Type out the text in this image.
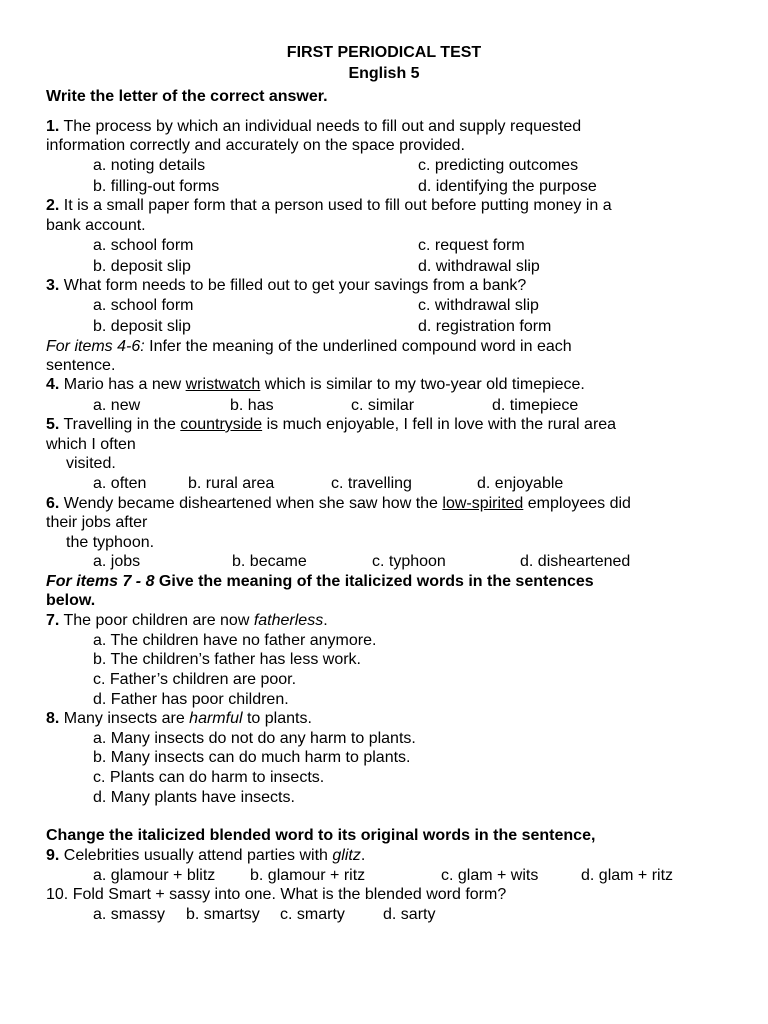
FIRST PERIODICAL TEST
English 5
Write the letter of the correct answer.
1. The process by which an individual needs to fill out and supply requested
information correctly and accurately on the space provided.
a. noting details	c. predicting outcomes
b. filling-out forms	d. identifying the purpose
2. It is a small paper form that a person used to fill out before putting money in a
bank account.
a. school form	c. request form
b. deposit slip	d. withdrawal slip
3. What form needs to be filled out to get your savings from a bank?
a. school form	c. withdrawal slip
b. deposit slip	d. registration form
For items 4-6: Infer the meaning of the underlined compound word in each
sentence.
4. Mario has a new wristwatch which is similar to my two-year old timepiece.
a. new	b. has	c. similar	d. timepiece
5. Travelling in the countryside is much enjoyable, I fell in love with the rural area
which I often
visited.
a. often	b. rural area	c. travelling	d. enjoyable
6. Wendy became disheartened when she saw how the low-spirited employees did
their jobs after
the typhoon.
a. jobs	b. became	c. typhoon	d. disheartened
For items 7 - 8 Give the meaning of the italicized words in the sentences
below.
7. The poor children are now fatherless.
a. The children have no father anymore.
b. The children’s father has less work.
c. Father’s children are poor.
d. Father has poor children.
8. Many insects are harmful to plants.
a. Many insects do not do any harm to plants.
b. Many insects can do much harm to plants.
c. Plants can do harm to insects.
d. Many plants have insects.
Change the italicized blended word to its original words in the sentence,
9. Celebrities usually attend parties with glitz.
a. glamour + blitz b. glamour + ritz	c. glam + wits	d. glam + ritz
10. Fold Smart + sassy into one. What is the blended word form?
a. smassy b. smartsy c. smarty d. sarty
